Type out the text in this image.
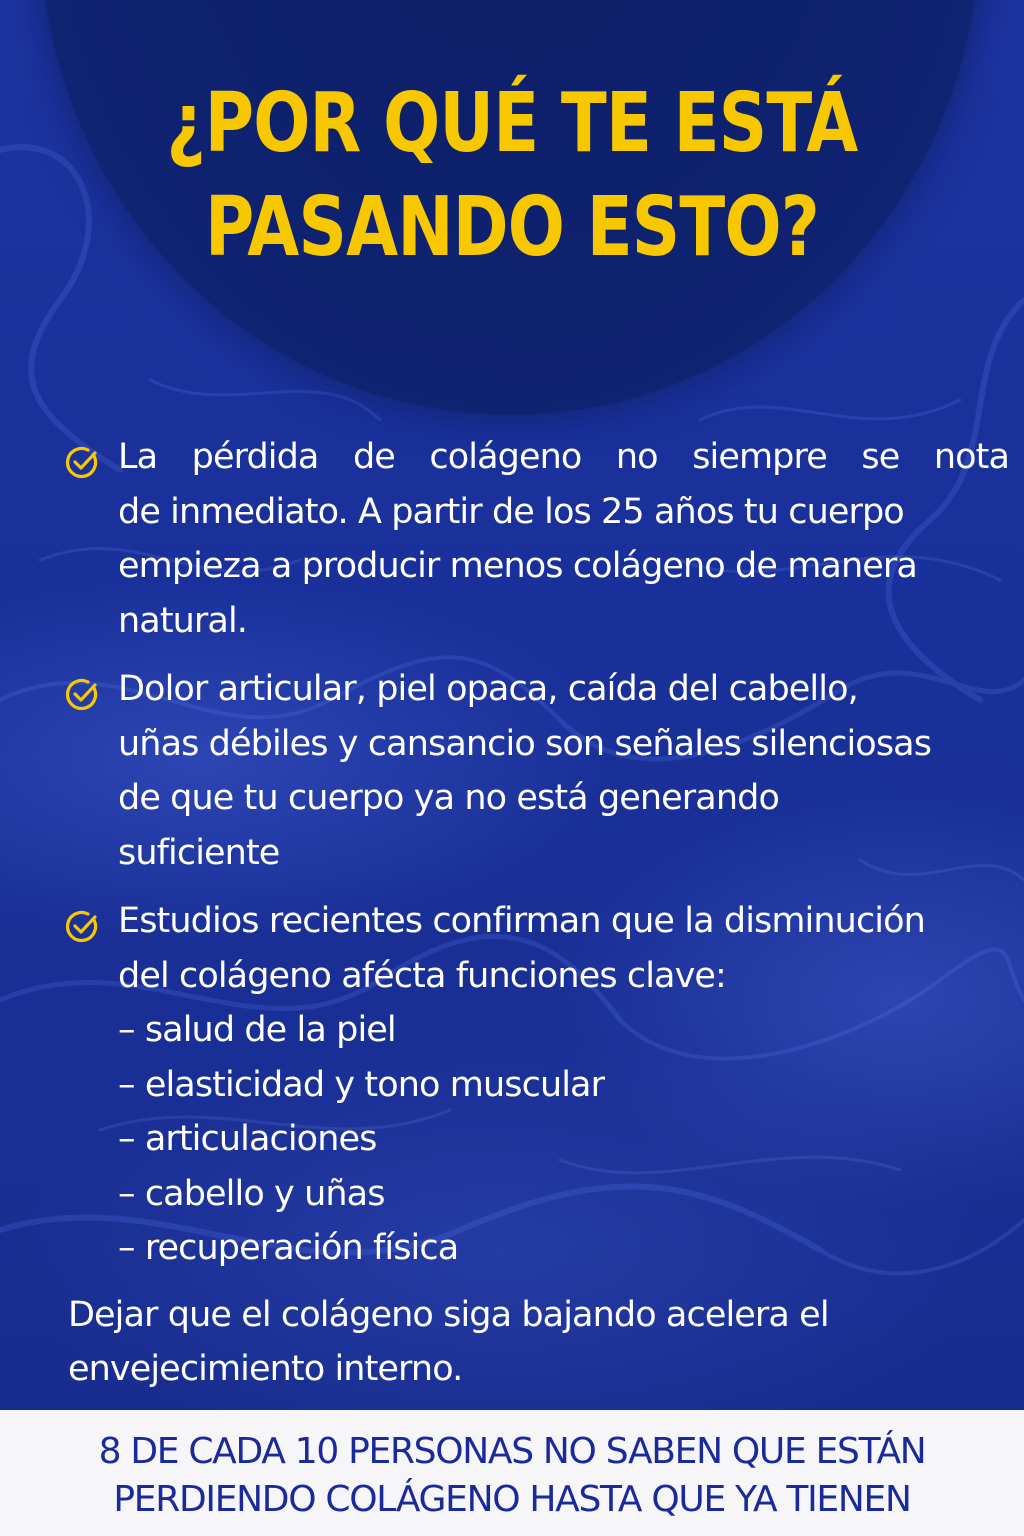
¿POR QUÉ TE ESTÁ
PASANDO ESTO?
La pérdida de colágeno no siempre se nota
de inmediato. A partir de los 25 años tu cuerpo
empieza a producir menos colágeno de manera
natural.
Dolor articular, piel opaca, caída del cabello,
uñas débiles y cansancio son señales silenciosas
de que tu cuerpo ya no está generando
suficiente
Estudios recientes confirman que la disminución
del colágeno afécta funciones clave:
– salud de la piel
– elasticidad y tono muscular
– articulaciones
– cabello y uñas
– recuperación física

Dejar que el colágeno siga bajando acelera el
envejecimiento interno.

8 DE CADA 10 PERSONAS NO SABEN QUE ESTÁN
PERDIENDO COLÁGENO HASTA QUE YA TIENEN
